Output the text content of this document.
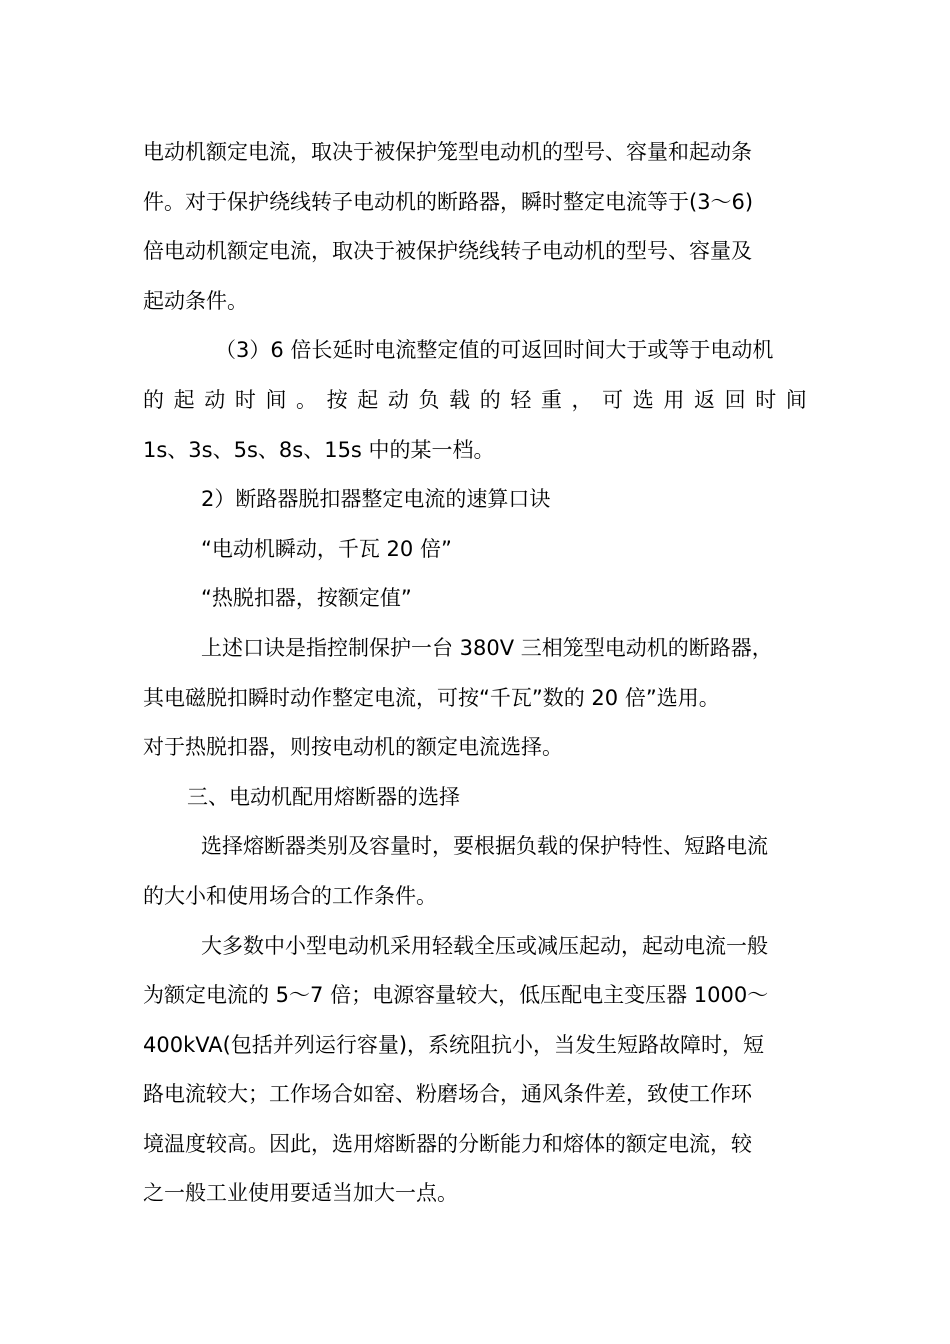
电动机额定电流，取决于被保护笼型电动机的型号、容量和起动条
件。对于保护绕线转子电动机的断路器，瞬时整定电流等于(3～6)
倍电动机额定电流，取决于被保护绕线转子电动机的型号、容量及
起动条件。
（3）6 倍长延时电流整定值的可返回时间大于或等于电动机
的 起 动 时 间 。 按 起 动 负 载 的 轻 重 ， 可 选 用 返 回 时 间
1s、3s、5s、8s、15s 中的某一档。
2）断路器脱扣器整定电流的速算口诀
“电动机瞬动，千瓦 20 倍”
“热脱扣器，按额定值”
上述口诀是指控制保护一台 380V 三相笼型电动机的断路器，
其电磁脱扣瞬时动作整定电流，可按“千瓦”数的 20 倍”选用。
对于热脱扣器，则按电动机的额定电流选择。
三、电动机配用熔断器的选择
选择熔断器类别及容量时，要根据负载的保护特性、短路电流
的大小和使用场合的工作条件。
大多数中小型电动机采用轻载全压或减压起动，起动电流一般
为额定电流的 5～7 倍；电源容量较大，低压配电主变压器 1000～
400kVA(包括并列运行容量)，系统阻抗小，当发生短路故障时，短
路电流较大；工作场合如窑、粉磨场合，通风条件差，致使工作环
境温度较高。因此，选用熔断器的分断能力和熔体的额定电流，较
之一般工业使用要适当加大一点。
